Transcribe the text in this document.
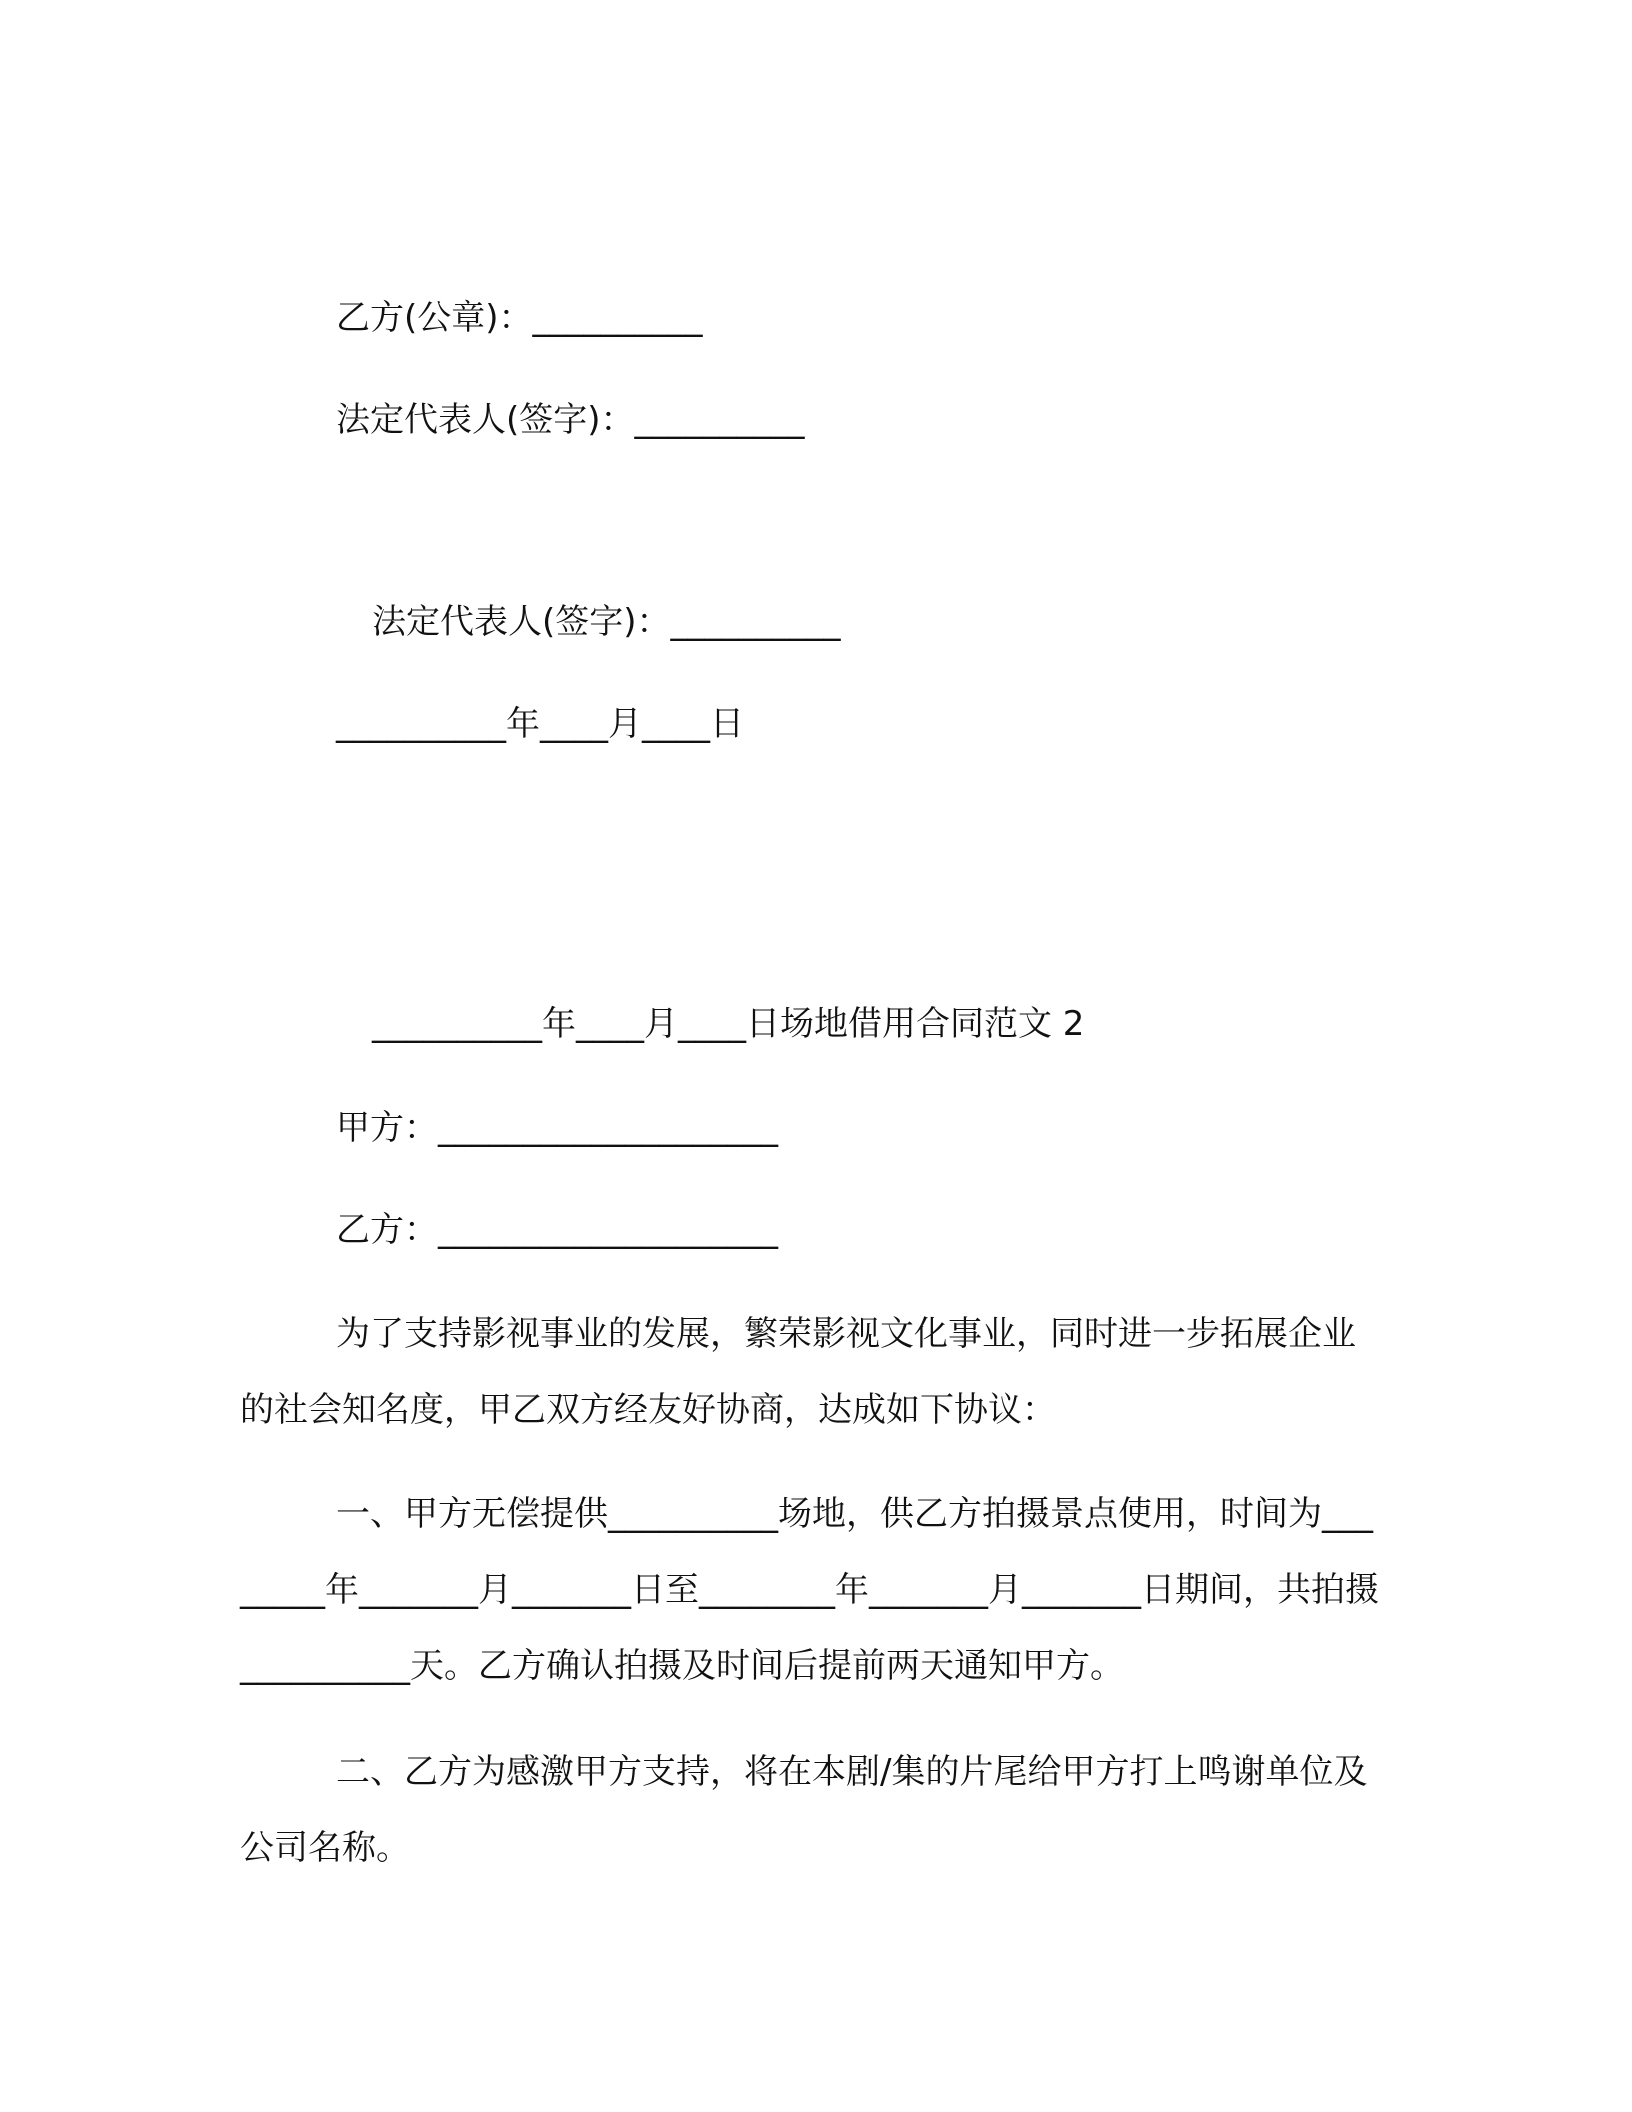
乙方(公章)：__________

法定代表人(签字)：__________

法定代表人(签字)：__________

__________年____月____日

__________年____月____日场地借用合同范文 2

甲方：____________________

乙方：____________________

为了支持影视事业的发展，繁荣影视文化事业，同时进一步拓展企业的社会知名度，甲乙双方经友好协商，达成如下协议：

一、甲方无偿提供__________场地，供乙方拍摄景点使用，时间为________年_______月_______日至________年_______月_______日期间，共拍摄__________天。乙方确认拍摄及时间后提前两天通知甲方。

二、乙方为感激甲方支持，将在本剧/集的片尾给甲方打上鸣谢单位及公司名称。
